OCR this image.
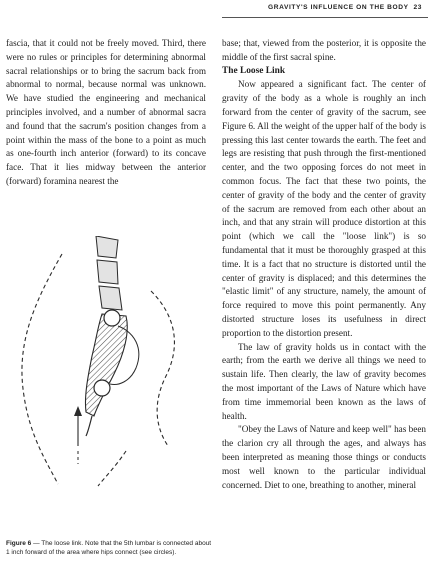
GRAVITY'S INFLUENCE ON THE BODY 23

fascia, that it could not be freely moved. Third, there were no rules or principles for determining abnormal sacral relationships or to bring the sacrum back from abnormal to normal, because normal was unknown. We have studied the engineering and mechanical principles involved, and a number of abnormal sacra and found that the sacrum's position changes from a point within the mass of the bone to a point as much as one-fourth inch anterior (forward) to its concave face. That it lies midway between the anterior (forward) foramina nearest the

Figure 6 — The loose link. Note that the 5th lumbar is connected about 1 inch forward of the area where hips connect (see circles).

base; that, viewed from the posterior, it is opposite the middle of the first sacral spine.

The Loose Link

Now appeared a significant fact. The center of gravity of the body as a whole is roughly an inch forward from the center of gravity of the sacrum, see Figure 6. All the weight of the upper half of the body is pressing this last center towards the earth. The feet and legs are resisting that push through the first-mentioned center, and the two opposing forces do not meet in common focus. The fact that these two points, the center of gravity of the body and the center of gravity of the sacrum are removed from each other about an inch, and that any strain will produce distortion at this point (which we call the "loose link") is so fundamental that it must be thoroughly grasped at this time. It is a fact that no structure is distorted until the center of gravity is displaced; and this determines the "elastic limit" of any structure, namely, the amount of force required to move this point permanently. Any distorted structure loses its usefulness in direct proportion to the distortion present.

The law of gravity holds us in contact with the earth; from the earth we derive all things we need to sustain life. Then clearly, the law of gravity becomes the most important of the Laws of Nature which have from time immemorial been known as the laws of health.

"Obey the Laws of Nature and keep well" has been the clarion cry all through the ages, and always has been interpreted as meaning those things or conducts most well known to the particular individual concerned. Diet to one, breathing to another, mineral
